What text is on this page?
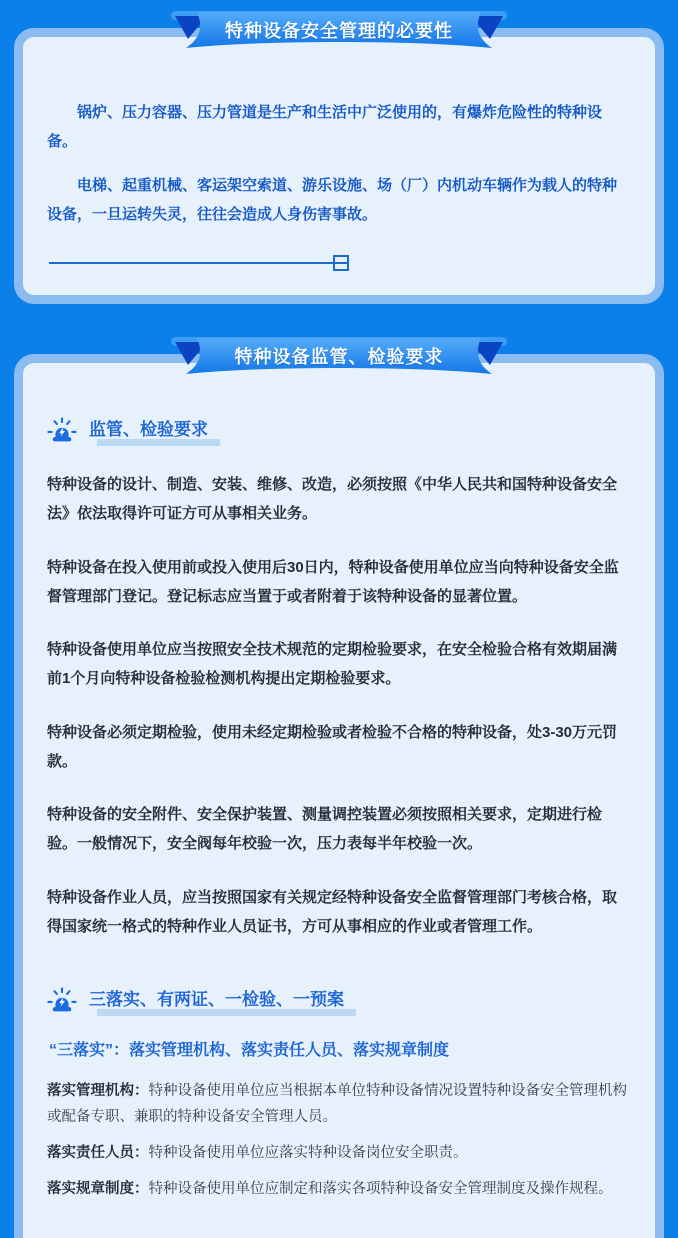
特种设备安全管理的必要性

锅炉、压力容器、压力管道是生产和生活中广泛使用的，有爆炸危险性的特种设备。

电梯、起重机械、客运架空索道、游乐设施、场（厂）内机动车辆作为载人的特种设备，一旦运转失灵，往往会造成人身伤害事故。

特种设备监管、检验要求
监管、检验要求

特种设备的设计、制造、安装、维修、改造，必须按照《中华人民共和国特种设备安全法》依法取得许可证方可从事相关业务。

特种设备在投入使用前或投入使用后30日内，特种设备使用单位应当向特种设备安全监督管理部门登记。登记标志应当置于或者附着于该特种设备的显著位置。

特种设备使用单位应当按照安全技术规范的定期检验要求，在安全检验合格有效期届满前1个月向特种设备检验检测机构提出定期检验要求。

特种设备必须定期检验，使用未经定期检验或者检验不合格的特种设备，处3-30万元罚款。

特种设备的安全附件、安全保护装置、测量调控装置必须按照相关要求，定期进行检验。一般情况下，安全阀每年校验一次，压力表每半年校验一次。

特种设备作业人员，应当按照国家有关规定经特种设备安全监督管理部门考核合格，取得国家统一格式的特种作业人员证书，方可从事相应的作业或者管理工作。

三落实、有两证、一检验、一预案
“三落实”：落实管理机构、落实责任人员、落实规章制度

落实管理机构：特种设备使用单位应当根据本单位特种设备情况设置特种设备安全管理机构或配备专职、兼职的特种设备安全管理人员。

落实责任人员：特种设备使用单位应落实特种设备岗位安全职责。

落实规章制度：特种设备使用单位应制定和落实各项特种设备安全管理制度及操作规程。
